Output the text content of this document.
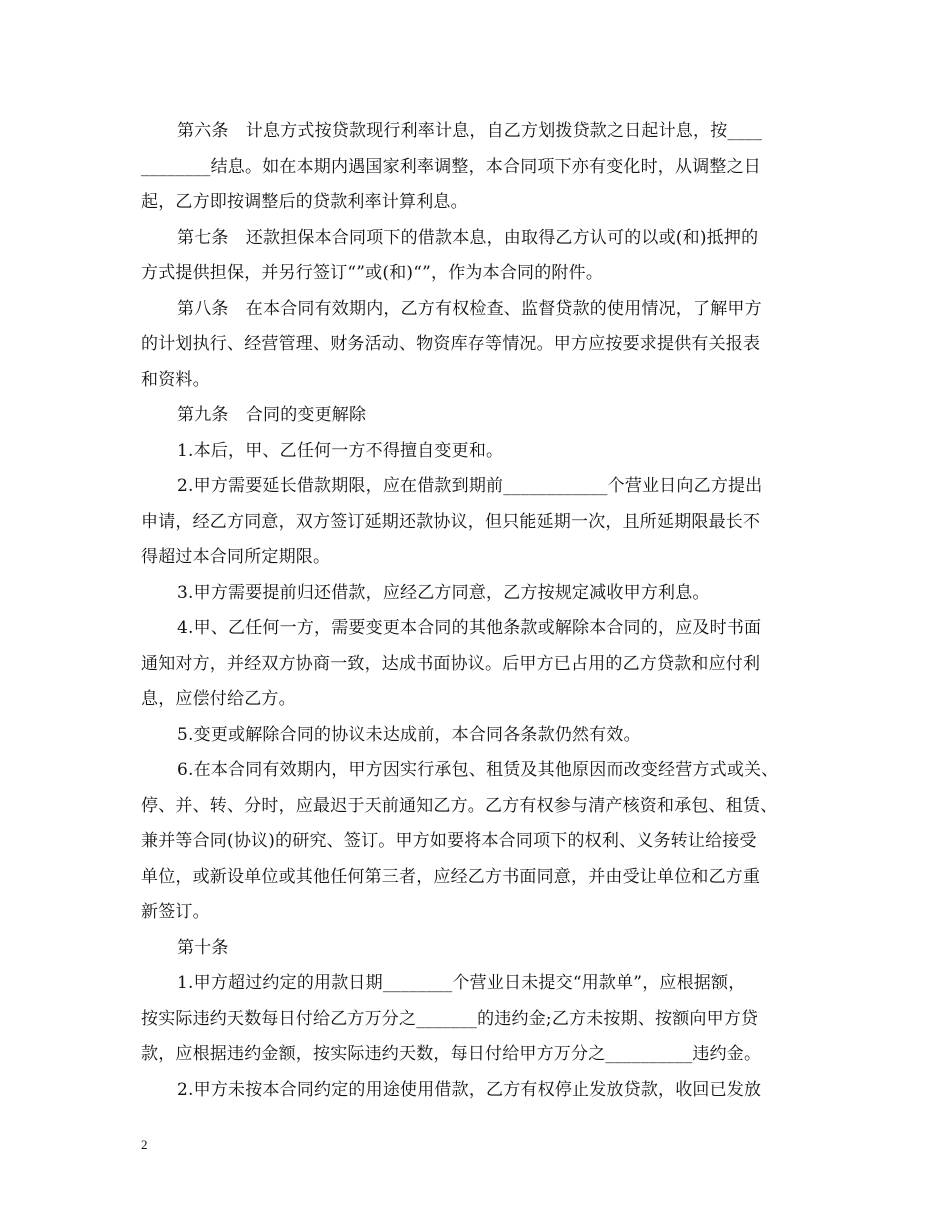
第六条　计息方式按贷款现行利率计息，自乙方划拨贷款之日起计息，按____
________结息。如在本期内遇国家利率调整，本合同项下亦有变化时，从调整之日
起，乙方即按调整后的贷款利率计算利息。
第七条　还款担保本合同项下的借款本息，由取得乙方认可的以或(和)抵押的
方式提供担保，并另行签订“”或(和)“”，作为本合同的附件。
第八条　在本合同有效期内，乙方有权检查、监督贷款的使用情况，了解甲方
的计划执行、经营管理、财务活动、物资库存等情况。甲方应按要求提供有关报表
和资料。
第九条　合同的变更解除
1.本后，甲、乙任何一方不得擅自变更和。
2.甲方需要延长借款期限，应在借款到期前____________个营业日向乙方提出
申请，经乙方同意，双方签订延期还款协议，但只能延期一次，且所延期限最长不
得超过本合同所定期限。
3.甲方需要提前归还借款，应经乙方同意，乙方按规定减收甲方利息。
4.甲、乙任何一方，需要变更本合同的其他条款或解除本合同的，应及时书面
通知对方，并经双方协商一致，达成书面协议。后甲方已占用的乙方贷款和应付利
息，应偿付给乙方。
5.变更或解除合同的协议未达成前，本合同各条款仍然有效。
6.在本合同有效期内，甲方因实行承包、租赁及其他原因而改变经营方式或关、
停、并、转、分时，应最迟于天前通知乙方。乙方有权参与清产核资和承包、租赁、
兼并等合同(协议)的研究、签订。甲方如要将本合同项下的权利、义务转让给接受
单位，或新设单位或其他任何第三者，应经乙方书面同意，并由受让单位和乙方重
新签订。
第十条
1.甲方超过约定的用款日期________个营业日未提交“用款单”，应根据额，
按实际违约天数每日付给乙方万分之_______的违约金;乙方未按期、按额向甲方贷
款，应根据违约金额，按实际违约天数，每日付给甲方万分之__________违约金。
2.甲方未按本合同约定的用途使用借款，乙方有权停止发放贷款，收回已发放
2
